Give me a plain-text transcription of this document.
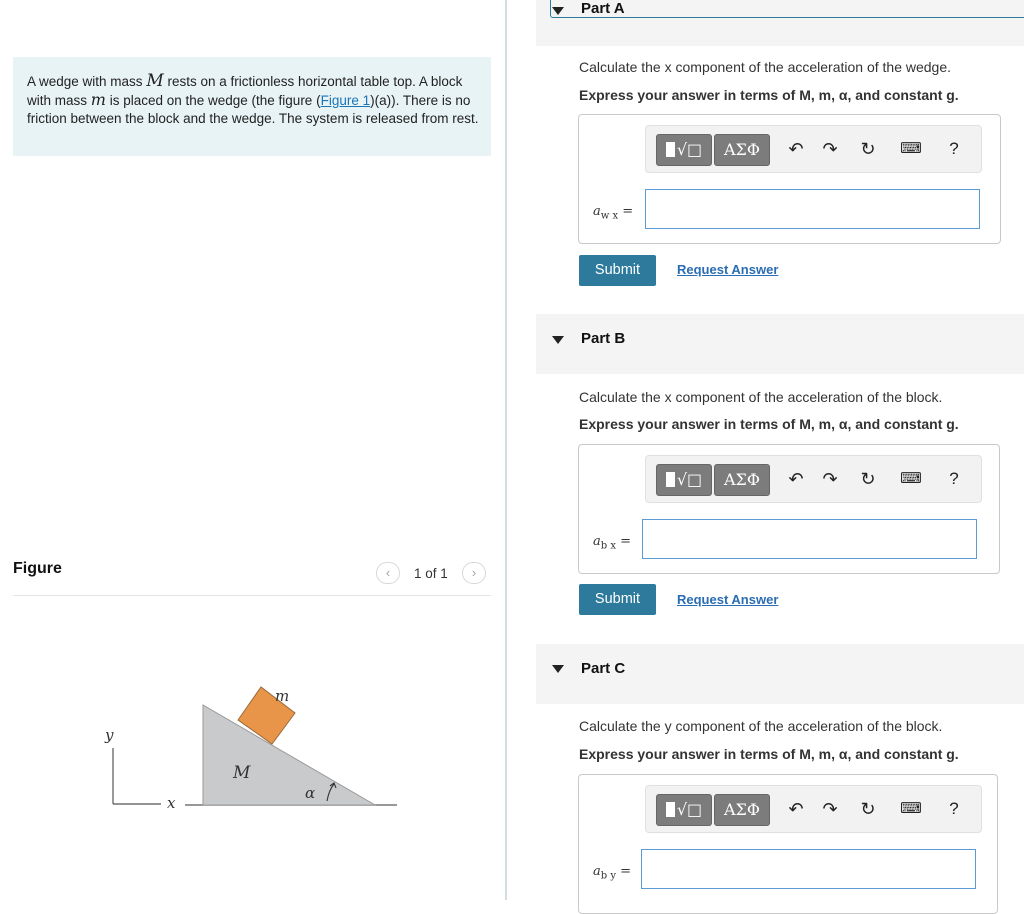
A wedge with mass M rests on a frictionless horizontal table top. A block with mass m is placed on the wedge (the figure (Figure 1)(a)). There is no friction between the block and the wedge. The system is released from rest.
Figure	‹	1 of 1	›
y
x
M
m
α
Part A
Calculate the x component of the acceleration of the wedge.
Express your answer in terms of M, m, α, and constant g.
√□	ΑΣΦ	↶ ↷ ↻ ⌨	?
$a_{w x}$ =
Submit	Request Answer
Part B
Calculate the x component of the acceleration of the block.
Express your answer in terms of M, m, α, and constant g.
√□	ΑΣΦ	↶ ↷ ↻ ⌨	?
$a_{b x}$ =
Submit	Request Answer
Part C
Calculate the y component of the acceleration of the block.
Express your answer in terms of M, m, α, and constant g.
√□	ΑΣΦ	↶ ↷ ↻ ⌨	?
$a_{b y}$ =
